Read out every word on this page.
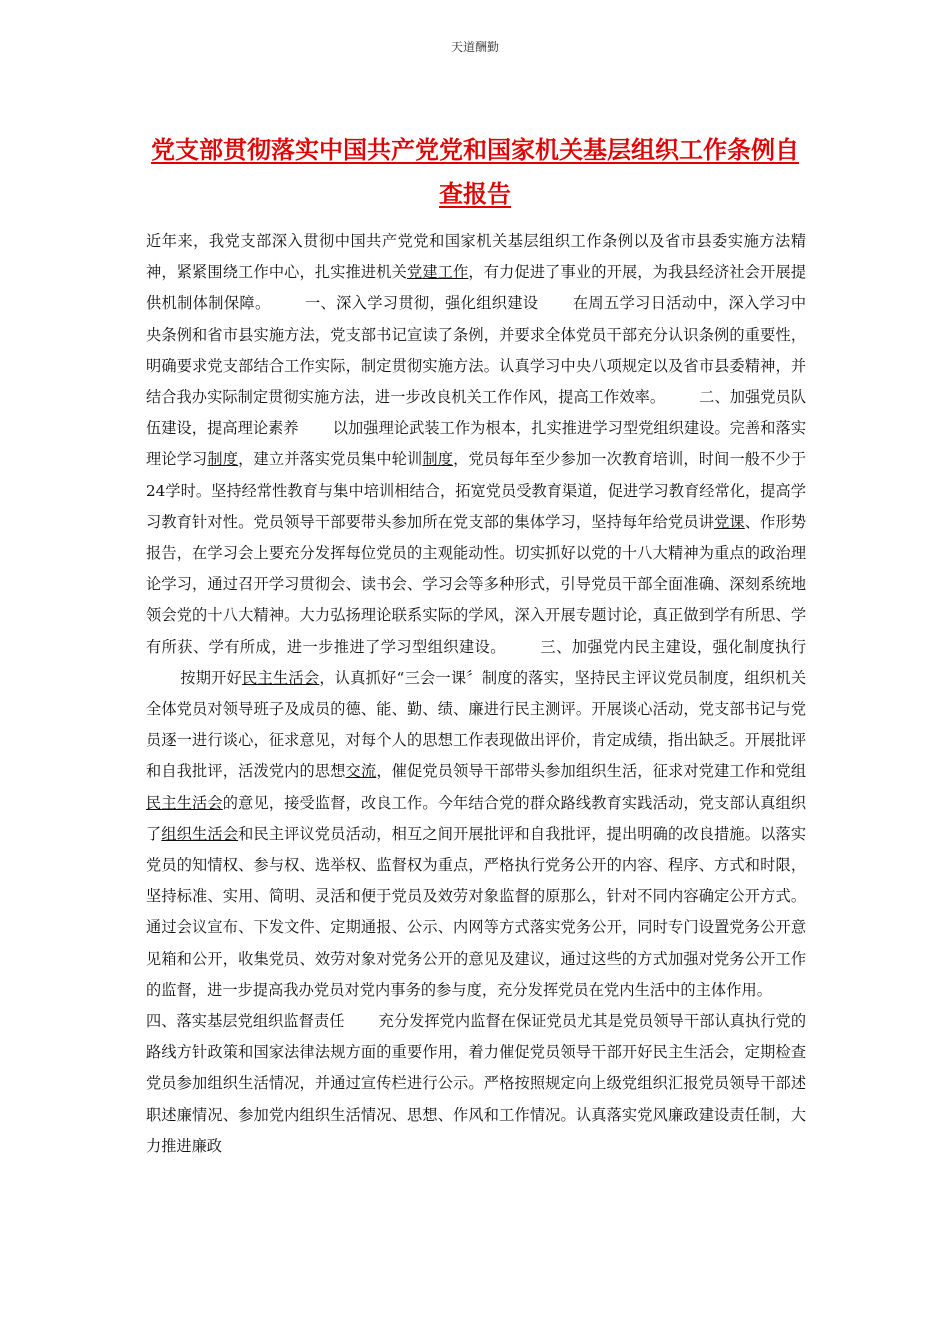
天道酬勤
党支部贯彻落实中国共产党党和国家机关基层组织工作条例自查报告
近年来，我党支部深入贯彻中国共产党党和国家机关基层组织工作条例以及省市县委实施方法精神，紧紧围绕工作中心，扎实推进机关党建工作，有力促进了事业的开展，为我县经济社会开展提供机制体制保障。 一、深入学习贯彻，强化组织建设 在周五学习日活动中，深入学习中央条例和省市县实施方法，党支部书记宣读了条例，并要求全体党员干部充分认识条例的重要性，明确要求党支部结合工作实际，制定贯彻实施方法。认真学习中央八项规定以及省市县委精神，并结合我办实际制定贯彻实施方法，进一步改良机关工作作风，提高工作效率。 二、加强党员队伍建设，提高理论素养 以加强理论武装工作为根本，扎实推进学习型党组织建设。完善和落实理论学习制度，建立并落实党员集中轮训制度，党员每年至少参加一次教育培训，时间一般不少于24学时。坚持经常性教育与集中培训相结合，拓宽党员受教育渠道，促进学习教育经常化，提高学习教育针对性。党员领导干部要带头参加所在党支部的集体学习，坚持每年给党员讲党课、作形势报告，在学习会上要充分发挥每位党员的主观能动性。切实抓好以党的十八大精神为重点的政治理论学习，通过召开学习贯彻会、读书会、学习会等多种形式，引导党员干部全面准确、深刻系统地领会党的十八大精神。大力弘扬理论联系实际的学风，深入开展专题讨论，真正做到学有所思、学有所获、学有所成，进一步推进了学习型组织建设。 三、加强党内民主建设，强化制度执行按期开好民主生活会，认真抓好“三会一课〞制度的落实，坚持民主评议党员制度，组织机关全体党员对领导班子及成员的德、能、勤、绩、廉进行民主测评。开展谈心活动，党支部书记与党员逐一进行谈心，征求意见，对每个人的思想工作表现做出评价，肯定成绩，指出缺乏。开展批评和自我批评，活泼党内的思想交流，催促党员领导干部带头参加组织生活，征求对党建工作和党组民主生活会的意见，接受监督，改良工作。今年结合党的群众路线教育实践活动，党支部认真组织了组织生活会和民主评议党员活动，相互之间开展批评和自我批评，提出明确的改良措施。以落实党员的知情权、参与权、选举权、监督权为重点，严格执行党务公开的内容、程序、方式和时限，坚持标准、实用、简明、灵活和便于党员及效劳对象监督的原那么，针对不同内容确定公开方式。通过会议宣布、下发文件、定期通报、公示、内网等方式落实党务公开，同时专门设置党务公开意见箱和公开，收集党员、效劳对象对党务公开的意见及建议，通过这些的方式加强对党务公开工作的监督，进一步提高我办党员对党内事务的参与度，充分发挥党员在党内生活中的主体作用。四、落实基层党组织监督责任 充分发挥党内监督在保证党员尤其是党员领导干部认真执行党的路线方针政策和国家法律法规方面的重要作用，着力催促党员领导干部开好民主生活会，定期检查党员参加组织生活情况，并通过宣传栏进行公示。严格按照规定向上级党组织汇报党员领导干部述职述廉情况、参加党内组织生活情况、思想、作风和工作情况。认真落实党风廉政建设责任制，大力推进廉政
